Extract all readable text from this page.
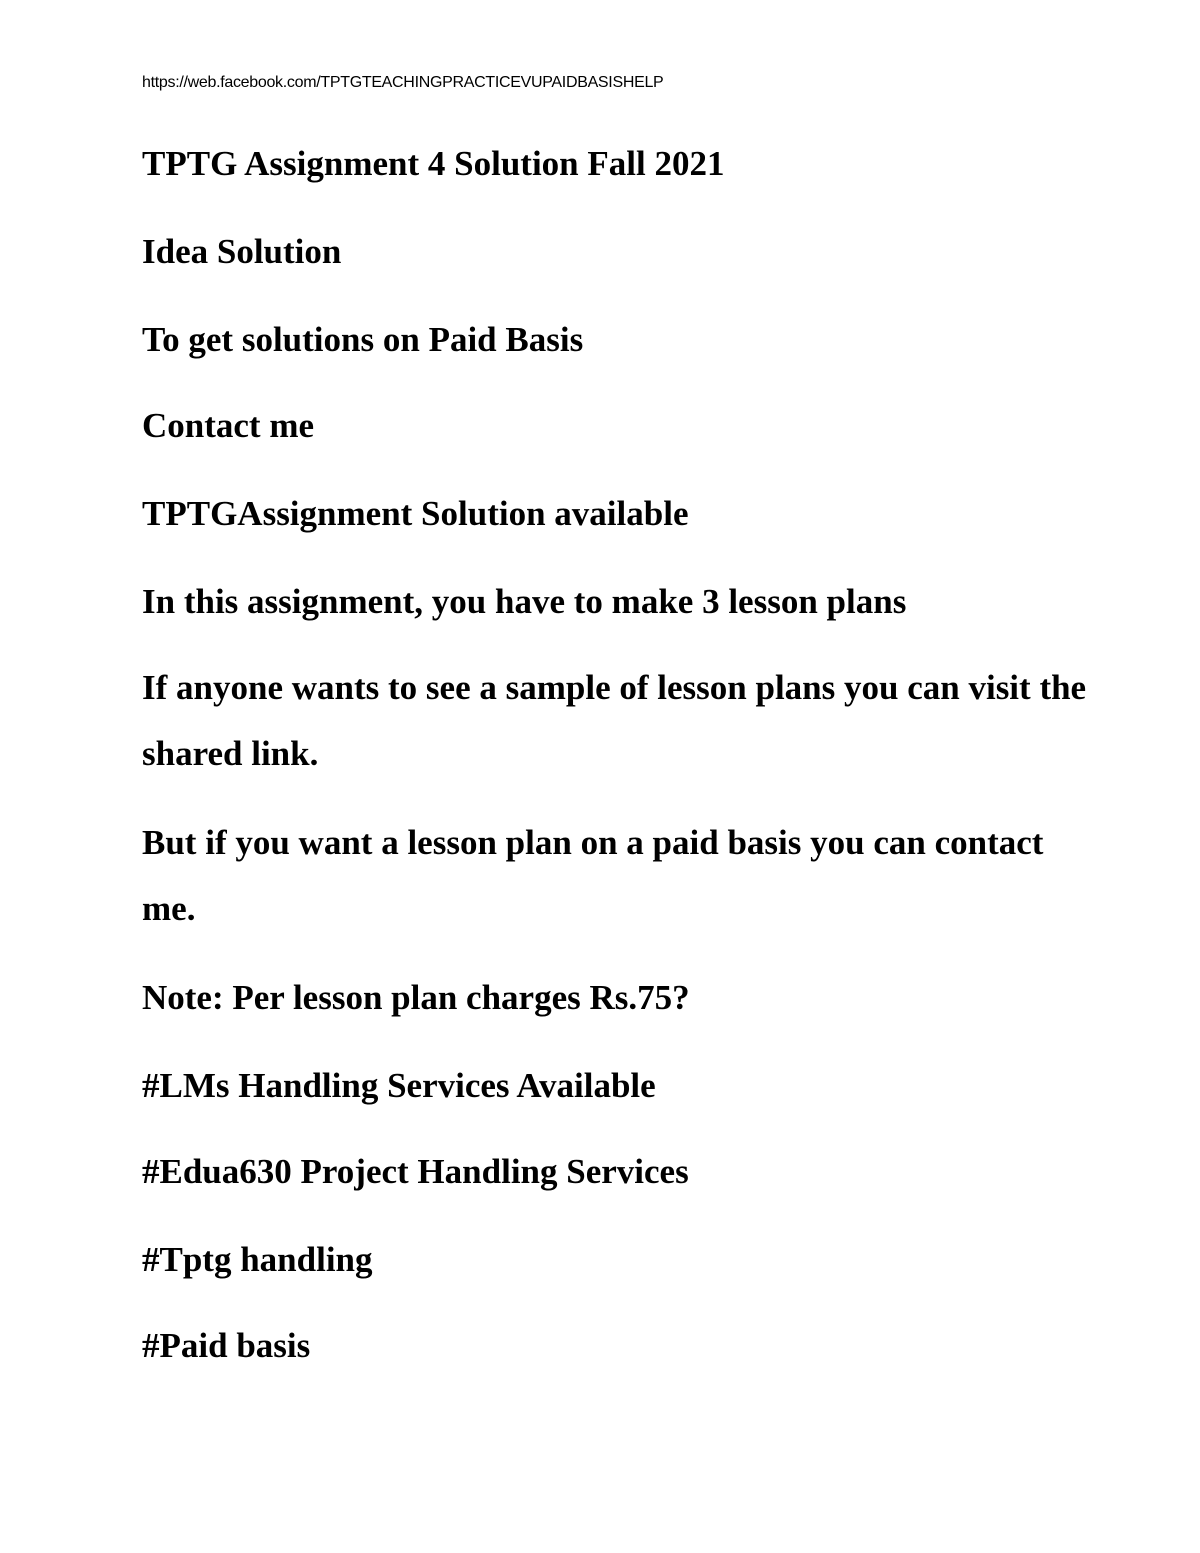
https://web.facebook.com/TPTGTEACHINGPRACTICEVUPAIDBASISHELP

TPTG Assignment 4 Solution Fall 2021

Idea Solution

To get solutions on Paid Basis

Contact me

TPTGAssignment Solution available

In this assignment, you have to make 3 lesson plans

If anyone wants to see a sample of lesson plans you can visit the shared link.

But if you want a lesson plan on a paid basis you can contact me.

Note: Per lesson plan charges Rs.75?

#LMs Handling Services Available

#Edua630 Project Handling Services

#Tptg handling

#Paid basis
